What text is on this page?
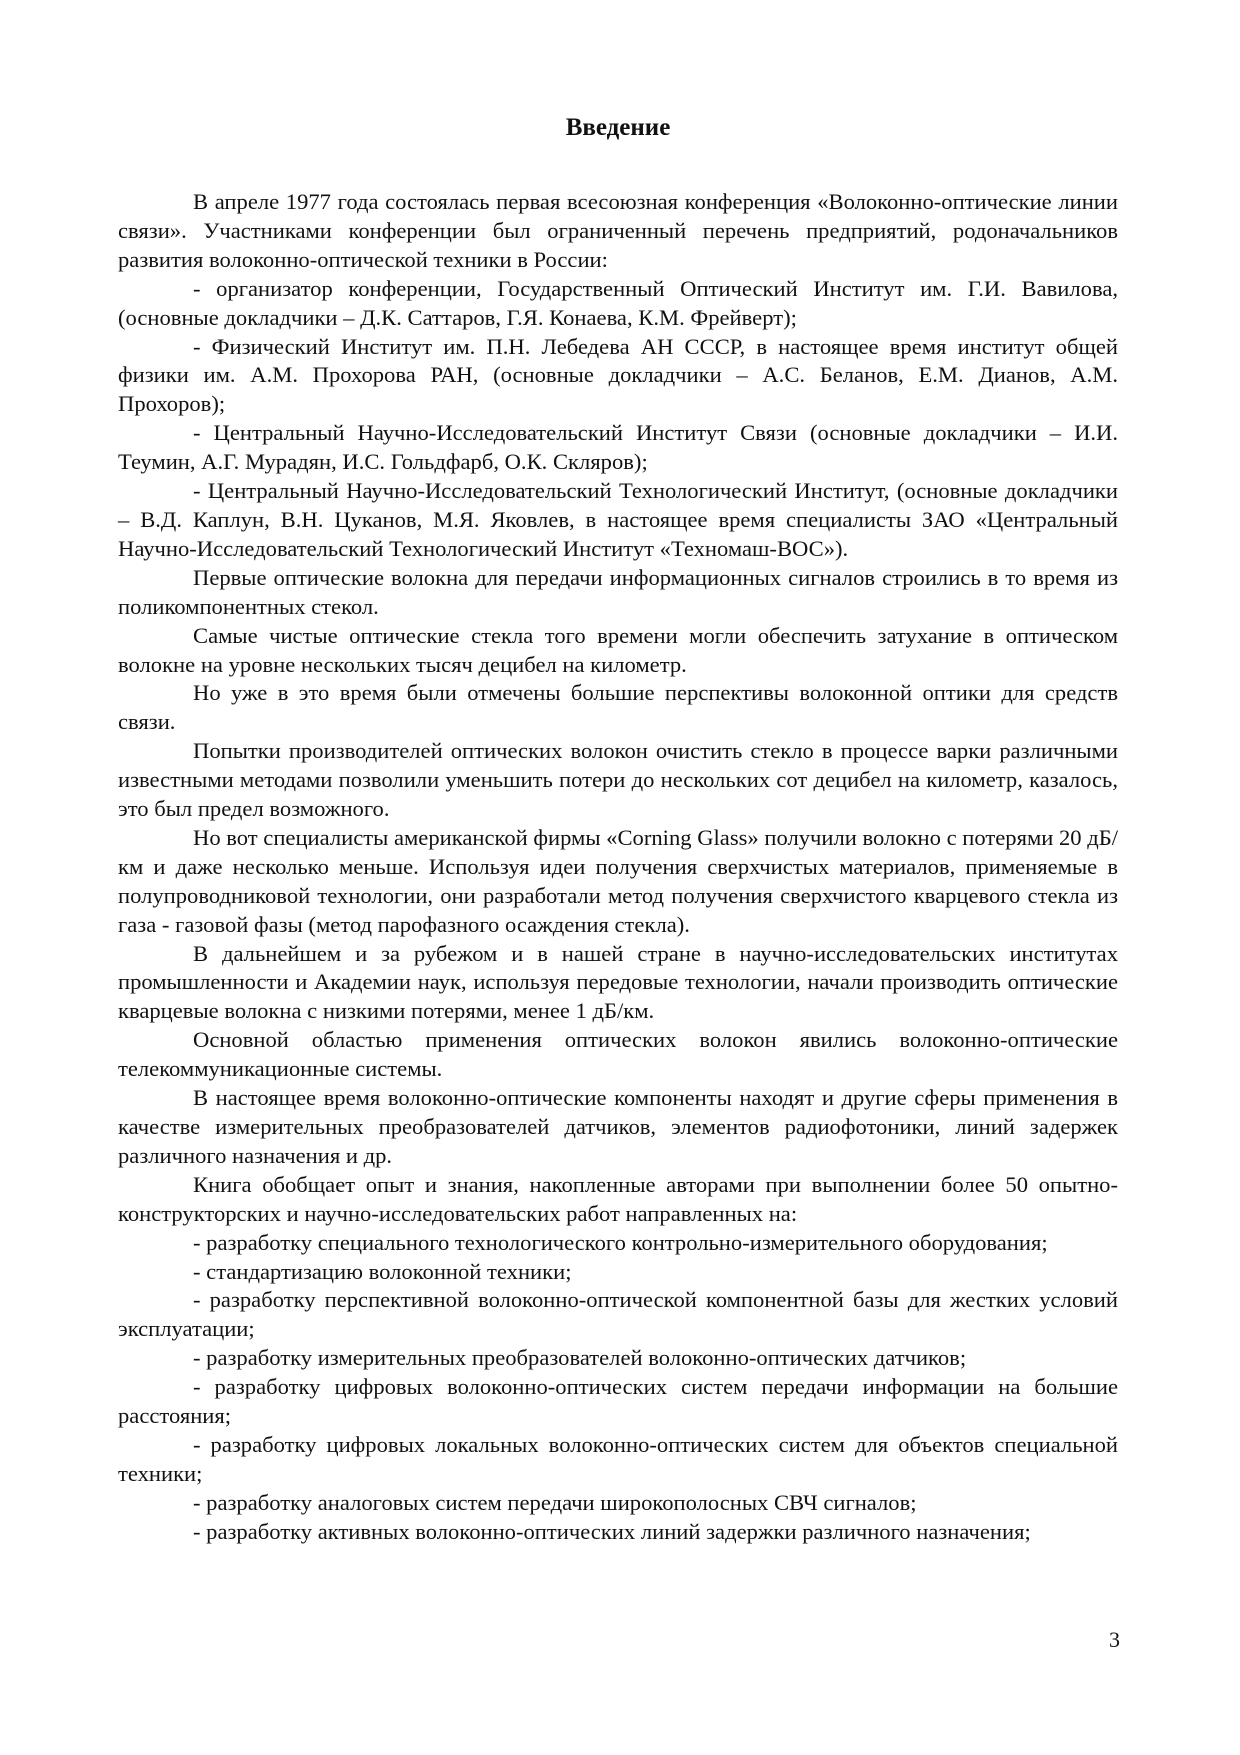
Введение

В апреле 1977 года состоялась первая всесоюзная конференция «Волоконно-оптические линии связи». Участниками конференции был ограниченный перечень предприятий, родоначальников развития волоконно-оптической техники в России:

- организатор конференции, Государственный Оптический Институт им. Г.И. Вавилова, (основные докладчики – Д.К. Саттаров, Г.Я. Конаева, К.М. Фрейверт);

- Физический Институт им. П.Н. Лебедева АН СССР, в настоящее время институт общей физики им. А.М. Прохорова РАН, (основные докладчики – А.С. Беланов, Е.М. Дианов, А.М. Прохоров);

- Центральный Научно-Исследовательский Институт Связи (основные докладчики – И.И. Теумин, А.Г. Мурадян, И.С. Гольдфарб, О.К. Скляров);

- Центральный Научно-Исследовательский Технологический Институт, (основные докладчики – В.Д. Каплун, В.Н. Цуканов, М.Я. Яковлев, в настоящее время специалисты ЗАО «Центральный Научно-Исследовательский Технологический Институт «Техномаш-ВОС»).

Первые оптические волокна для передачи информационных сигналов строились в то время из поликомпонентных стекол.

Самые чистые оптические стекла того времени могли обеспечить затухание в оптическом волокне на уровне нескольких тысяч децибел на километр.

Но уже в это время были отмечены большие перспективы волоконной оптики для средств связи.

Попытки производителей оптических волокон очистить стекло в процессе варки различными известными методами позволили уменьшить потери до нескольких сот децибел на километр, казалось, это был предел возможного.

Но вот специалисты американской фирмы «Corning Glass» получили волокно с потерями 20 дБ/км и даже несколько меньше. Используя идеи получения сверхчистых материалов, применяемые в полупроводниковой технологии, они разработали метод получения сверхчистого кварцевого стекла из газа - газовой фазы (метод парофазного осаждения стекла).

В дальнейшем и за рубежом и в нашей стране в научно-исследовательских институтах промышленности и Академии наук, используя передовые технологии, начали производить оптические кварцевые волокна с низкими потерями, менее 1 дБ/км.

Основной областью применения оптических волокон явились волоконно-оптические телекоммуникационные системы.

В настоящее время волоконно-оптические компоненты находят и другие сферы применения в качестве измерительных преобразователей датчиков, элементов радиофотоники, линий задержек различного назначения и др.

Книга обобщает опыт и знания, накопленные авторами при выполнении более 50 опытно-конструкторских и научно-исследовательских работ направленных на:

- разработку специального технологического контрольно-измерительного оборудования;

- стандартизацию волоконной техники;

- разработку перспективной волоконно-оптической компонентной базы для жестких условий эксплуатации;

- разработку измерительных преобразователей волоконно-оптических датчиков;

- разработку цифровых волоконно-оптических систем передачи информации на большие расстояния;

- разработку цифровых локальных волоконно-оптических систем для объектов специальной техники;

- разработку аналоговых систем передачи широкополосных СВЧ сигналов;

- разработку активных волоконно-оптических линий задержки различного назначения;

3
